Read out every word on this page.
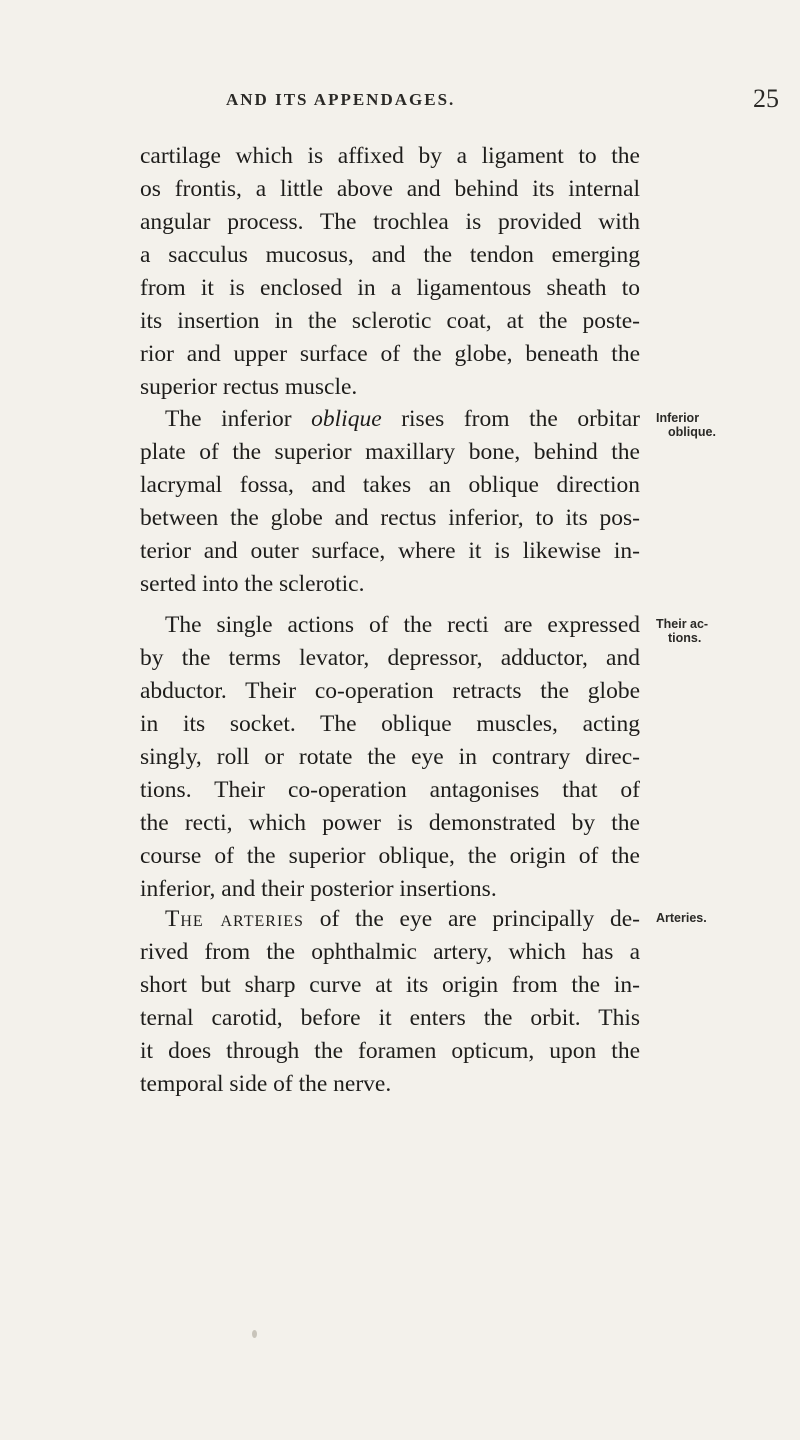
AND ITS APPENDAGES.	25
cartilage which is affixed by a ligament to the
os frontis, a little above and behind its internal
angular process. The trochlea is provided with
a sacculus mucosus, and the tendon emerging
from it is enclosed in a ligamentous sheath to
its insertion in the sclerotic coat, at the poste-
rior and upper surface of the globe, beneath the
superior rectus muscle.
The inferior oblique rises from the orbitar
plate of the superior maxillary bone, behind the
lacrymal fossa, and takes an oblique direction
between the globe and rectus inferior, to its pos-
terior and outer surface, where it is likewise in-
serted into the sclerotic.
The single actions of the recti are expressed
by the terms levator, depressor, adductor, and
abductor. Their co-operation retracts the globe
in its socket. The oblique muscles, acting
singly, roll or rotate the eye in contrary direc-
tions. Their co-operation antagonises that of
the recti, which power is demonstrated by the
course of the superior oblique, the origin of the
inferior, and their posterior insertions.
The arteries of the eye are principally de-
rived from the ophthalmic artery, which has a
short but sharp curve at its origin from the in-
ternal carotid, before it enters the orbit. This
it does through the foramen opticum, upon the
temporal side of the nerve.
Inferior
oblique.
Their ac-
tions.
Arteries.
